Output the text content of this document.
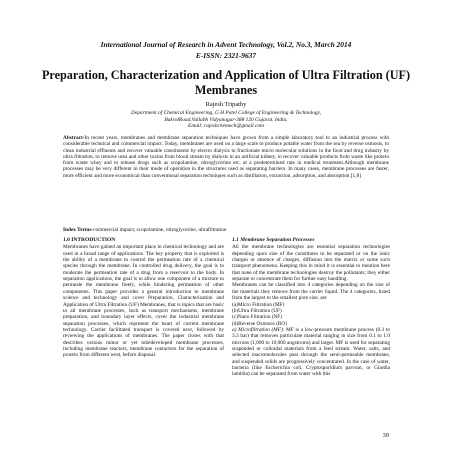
International Journal of Research in Advent Technology, Vol.2, No.3, March 2014
E-ISSN: 2321-9637
Preparation, Characterization and Application of Ultra Filtration (UF) Membranes
Rajesh Tripathy
Department of Chemical Engineering, G H Patel College of Engineering & Technology,
BakrolRoad,Vallabh Vidyanagar-388 120 Gujarat. India.
Email: rajeshchemech@gmail.com
Abstract-In recent years, membranes and membrane separation techniques have grown from a simple laboratory tool to an industrial process with considerable technical and commercial impact. Today, membranes are used on a large scale to produce potable water from the sea by reverse osmosis, to clean industrial effluents and recover valuable constituents by electro dialysis to fractionate micro molecular solutions in the food and drug industry by ultra filtration, to remove urea and other toxins from blood stream by dialysis in an artificial kidney, to recover valuable products from waste like protein from waste whey and to release drugs such as scopolamine, nitroglycerine etc. at a predetermined rate in medical treatment.Although membrane processes may be very different in their mode of operation in the structures used as separating barriers. In many cases, membrane processes are faster, more efficient and more economical than conventional separation techniques such as distillation, extraction, adsorption, and absorption.[1,8]
Index Terms-commercial impact, scopolamine, nitroglycerine, ultrafiltration
1.0 INTRODUCTION

Membranes have gained an important place in chemical technology and are used in a broad range of applications. The key property that is exploited is the ability of a membrane to control the permeation rate of a chemical species through the membrane. In controlled drug delivery, the goal is to moderate the permeation rate of a drug from a reservoir to the body. In separation applications, the goal is to allow one component of a mixture to permeate the membrane freely, while hindering permeation of other components. This paper provides a general introduction to membrane science and technology and cover Preparation, Characterization and Application of Ultra Filtration (UF) Membranes, that is topics that are basic to all membrane processes, such as transport mechanisms, membrane preparation, and boundary layer effects, cover the industrial membrane separation processes, which represent the heart of current membrane technology. Carrier facilitated transport is covered next, followed by reviewing the applications of membranes. The paper closes with that describes various minor or yet tobedeveloped membrane processes, including membrane reactors, membrane contactors for the separation of protein from different west, before disposal.

1.1 Membrane Separation Processes

All the membrane technologies are essential separation technologies depending upon size of the constitutes to be separated or on the ionic charges or absence of charges, diffusion into the matrix or some such transport phenomena. Keeping this in mind it is essential to mention here that none of the membrane technologies destroy the pollutants; they either separate or concentrate them for further easy handling.

Membranes can be classified into 4 categories depending on the size of the materials they remove from the carrier liquid. The 4 categories, listed from the largest to the smallest pore size, are

(a)Micro Filtration (MF)
(b)Ultra Filtration (UF)
(c)Nano Filtration (NF)
(d)Reverse Osmosis (RO)

a) Microfiltration (MF): MF is a low-pressure membrane process (0.3 to 3.3 bar) that removes particulate material ranging in size from 0.1 to 1.0 microns (1,000 to 10,000 angstroms) and larger. MF is used for separating suspended or colloidal materials from a feed stream. Water, salts, and selected macromolecules pass through the semi-permeable membrane, and suspended solids are progressively concentrated. In the case of water, bacteria (like Escherichia coli, Cryptosporidium parvum, or Giardia lamblia) can be separated from water with this

39
